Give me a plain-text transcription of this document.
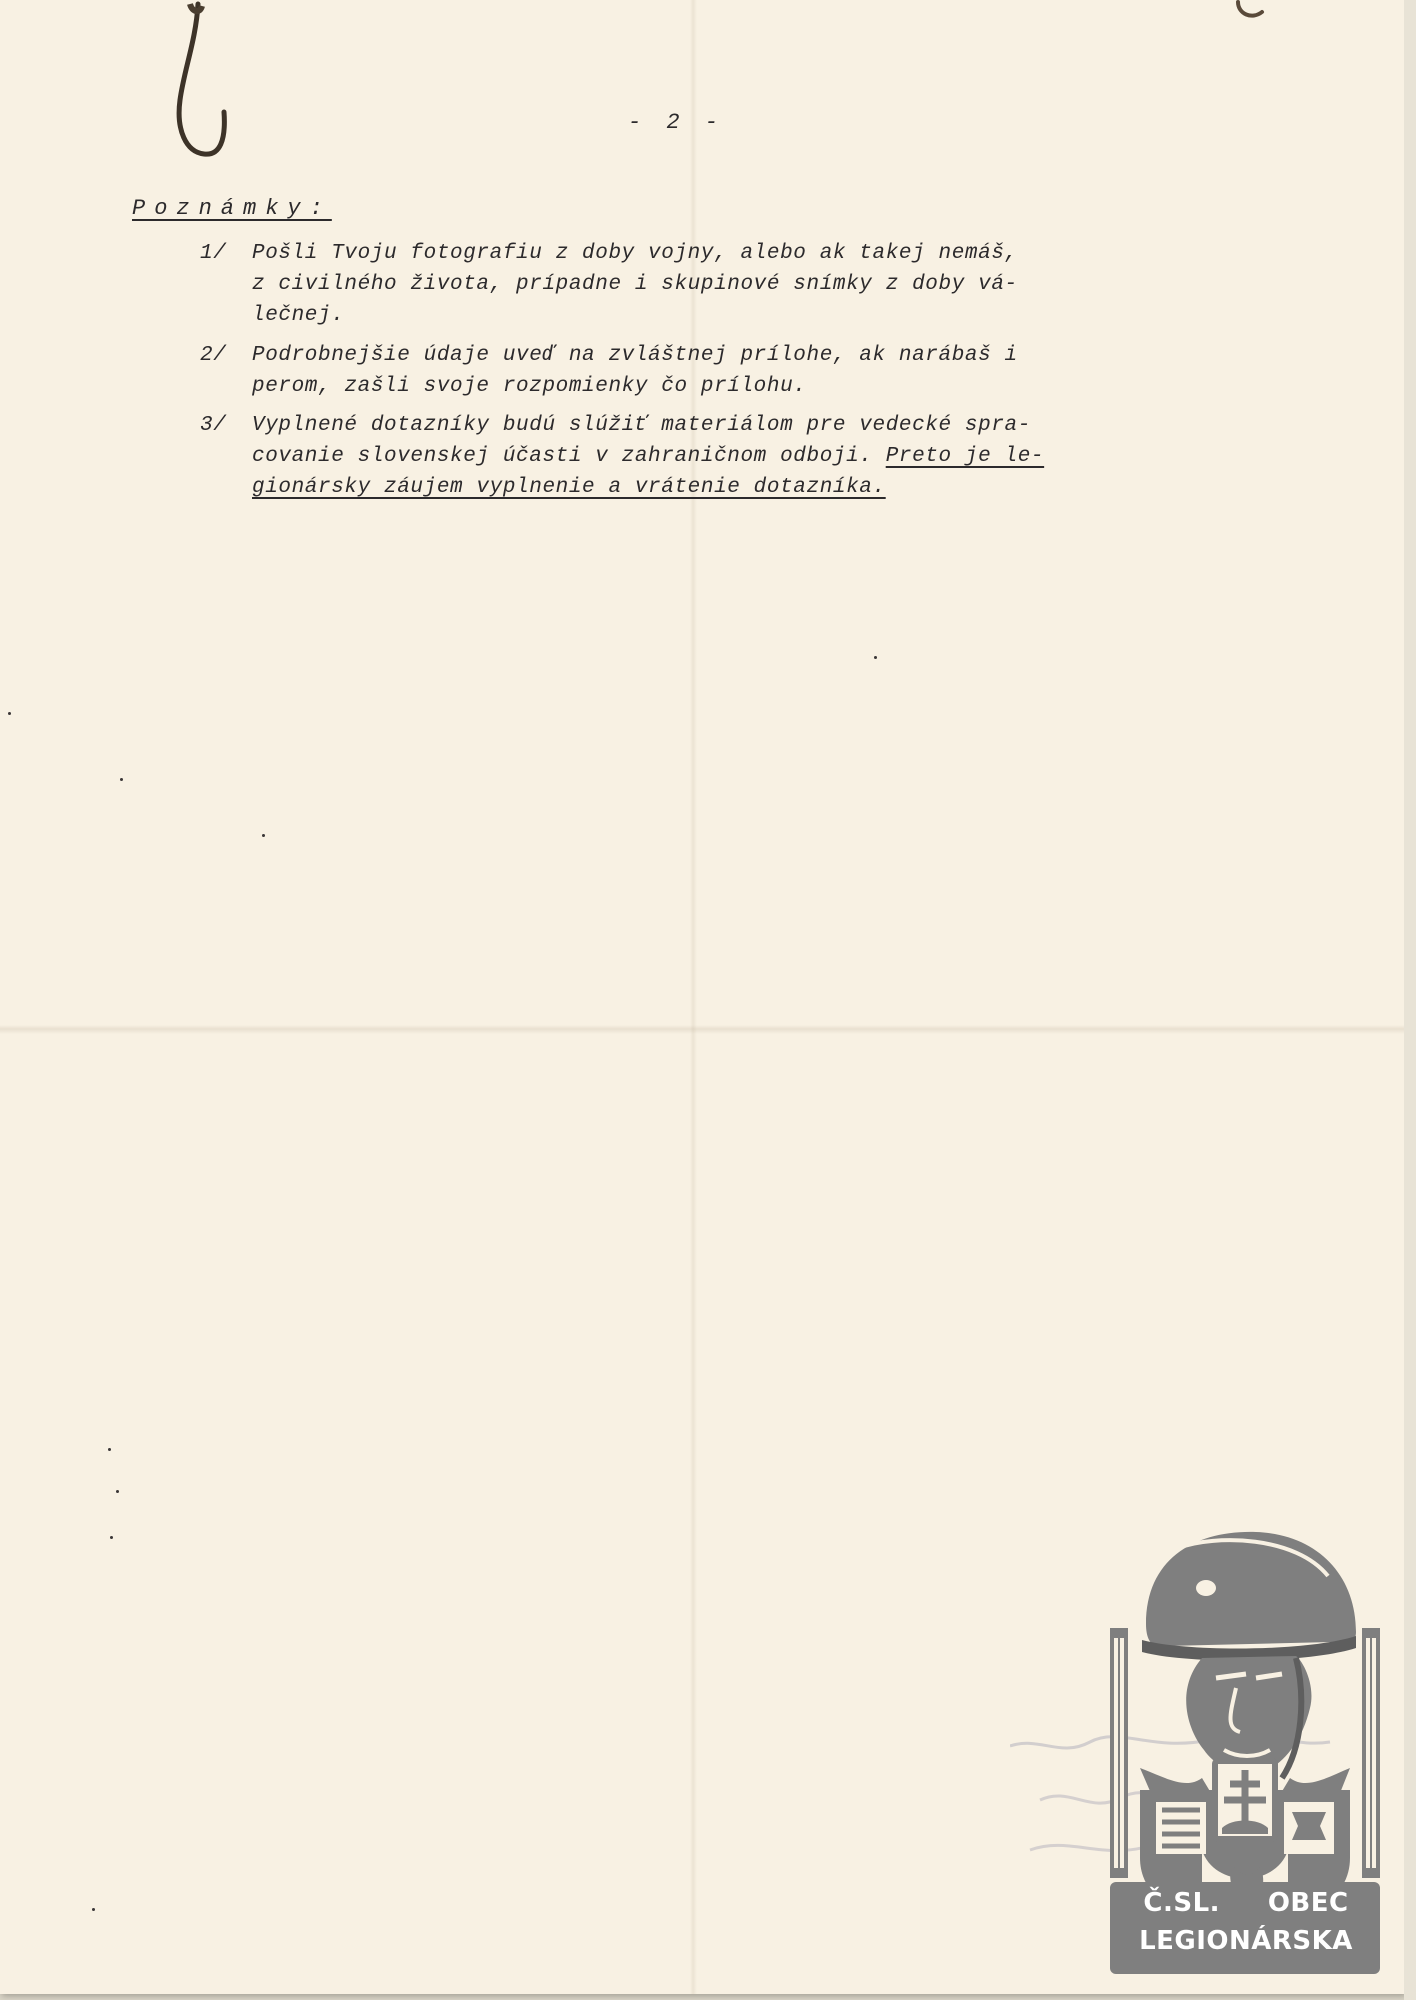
- 2 -
Poznámky:
1/	Pošli Tvoju fotografiu z doby vojny, alebo ak takej nemáš,
z civilného života, prípadne i skupinové snímky z doby vá-
lečnej.
2/	Podrobnejšie údaje uveď na zvláštnej prílohe, ak narábaš i
perom, zašli svoje rozpomienky čo prílohu.
3/	Vyplnené dotazníky budú slúžiť materiálom pre vedecké spra-
covanie slovenskej účasti v zahraničnom odboji. Preto je le-
gionársky záujem vyplnenie a vrátenie dotazníka.
Č.SL. OBEC
LEGIONÁRSKA
